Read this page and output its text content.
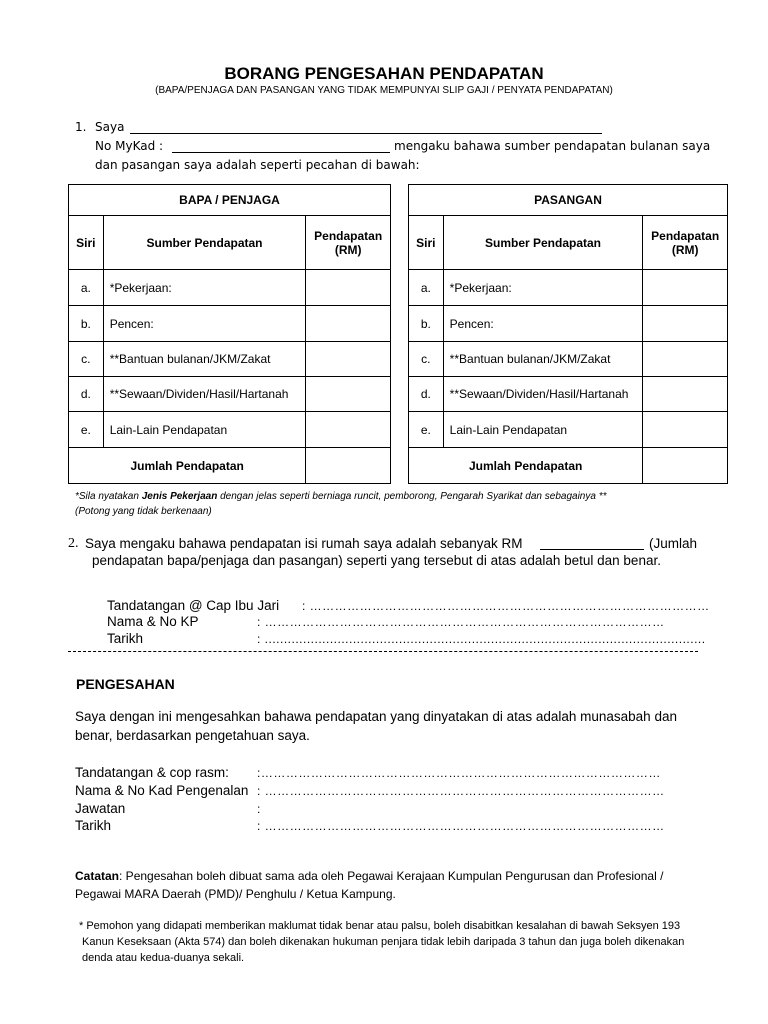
BORANG PENGESAHAN PENDAPATAN
(BAPA/PENJAGA DAN PASANGAN YANG TIDAK MEMPUNYAI SLIP GAJI / PENYATA PENDAPATAN)
1. Saya
No MyKad :	mengaku bahawa sumber pendapatan bulanan saya
dan pasangan saya adalah seperti pecahan di bawah:
BAPA / PENJAGA		
Siri	Sumber Pendapatan	Pendapatan (RM)
a.	*Pekerjaan:	
b.	Pencen:	
c.	**Bantuan bulanan/JKM/Zakat	
d.	**Sewaan/Dividen/Hasil/Hartanah	
e.	Lain-Lain Pendapatan	
Jumlah Pendapatan		
PASANGAN		
Siri	Sumber Pendapatan	Pendapatan (RM)
a.	*Pekerjaan:	
b.	Pencen:	
c.	**Bantuan bulanan/JKM/Zakat	
d.	**Sewaan/Dividen/Hasil/Hartanah	
e.	Lain-Lain Pendapatan	
Jumlah Pendapatan		
*Sila nyatakan Jenis Pekerjaan dengan jelas seperti berniaga runcit, pemborong, Pengarah Syarikat dan sebagainya **
(Potong yang tidak berkenaan)
2. Saya mengaku bahawa pendapatan isi rumah saya adalah sebanyak RM	(Jumlah
pendapatan bapa/penjaga dan pasangan) seperti yang tersebut di atas adalah betul dan benar.
Tandatangan @ Cap Ibu Jari : ……………………………………………………………………………………
Nama & No KP	: ……………………………………………………………………………………
Tarikh	: ...................................................................................................................
PENGESAHAN
Saya dengan ini mengesahkan bahawa pendapatan yang dinyatakan di atas adalah munasabah dan
benar, berdasarkan pengetahuan saya.
Tandatangan & cop rasm: :……………………………………………………………………………………
Nama & No Kad Pengenalan : ……………………………………………………………………………………
Jawatan	:
Tarikh	: ……………………………………………………………………………………
Catatan: Pengesahan boleh dibuat sama ada oleh Pegawai Kerajaan Kumpulan Pengurusan dan Profesional /
Pegawai MARA Daerah (PMD)/ Penghulu / Ketua Kampung.
* Pemohon yang didapati memberikan maklumat tidak benar atau palsu, boleh disabitkan kesalahan di bawah Seksyen 193
Kanun Keseksaan (Akta 574) dan boleh dikenakan hukuman penjara tidak lebih daripada 3 tahun dan juga boleh dikenakan
denda atau kedua-duanya sekali.
